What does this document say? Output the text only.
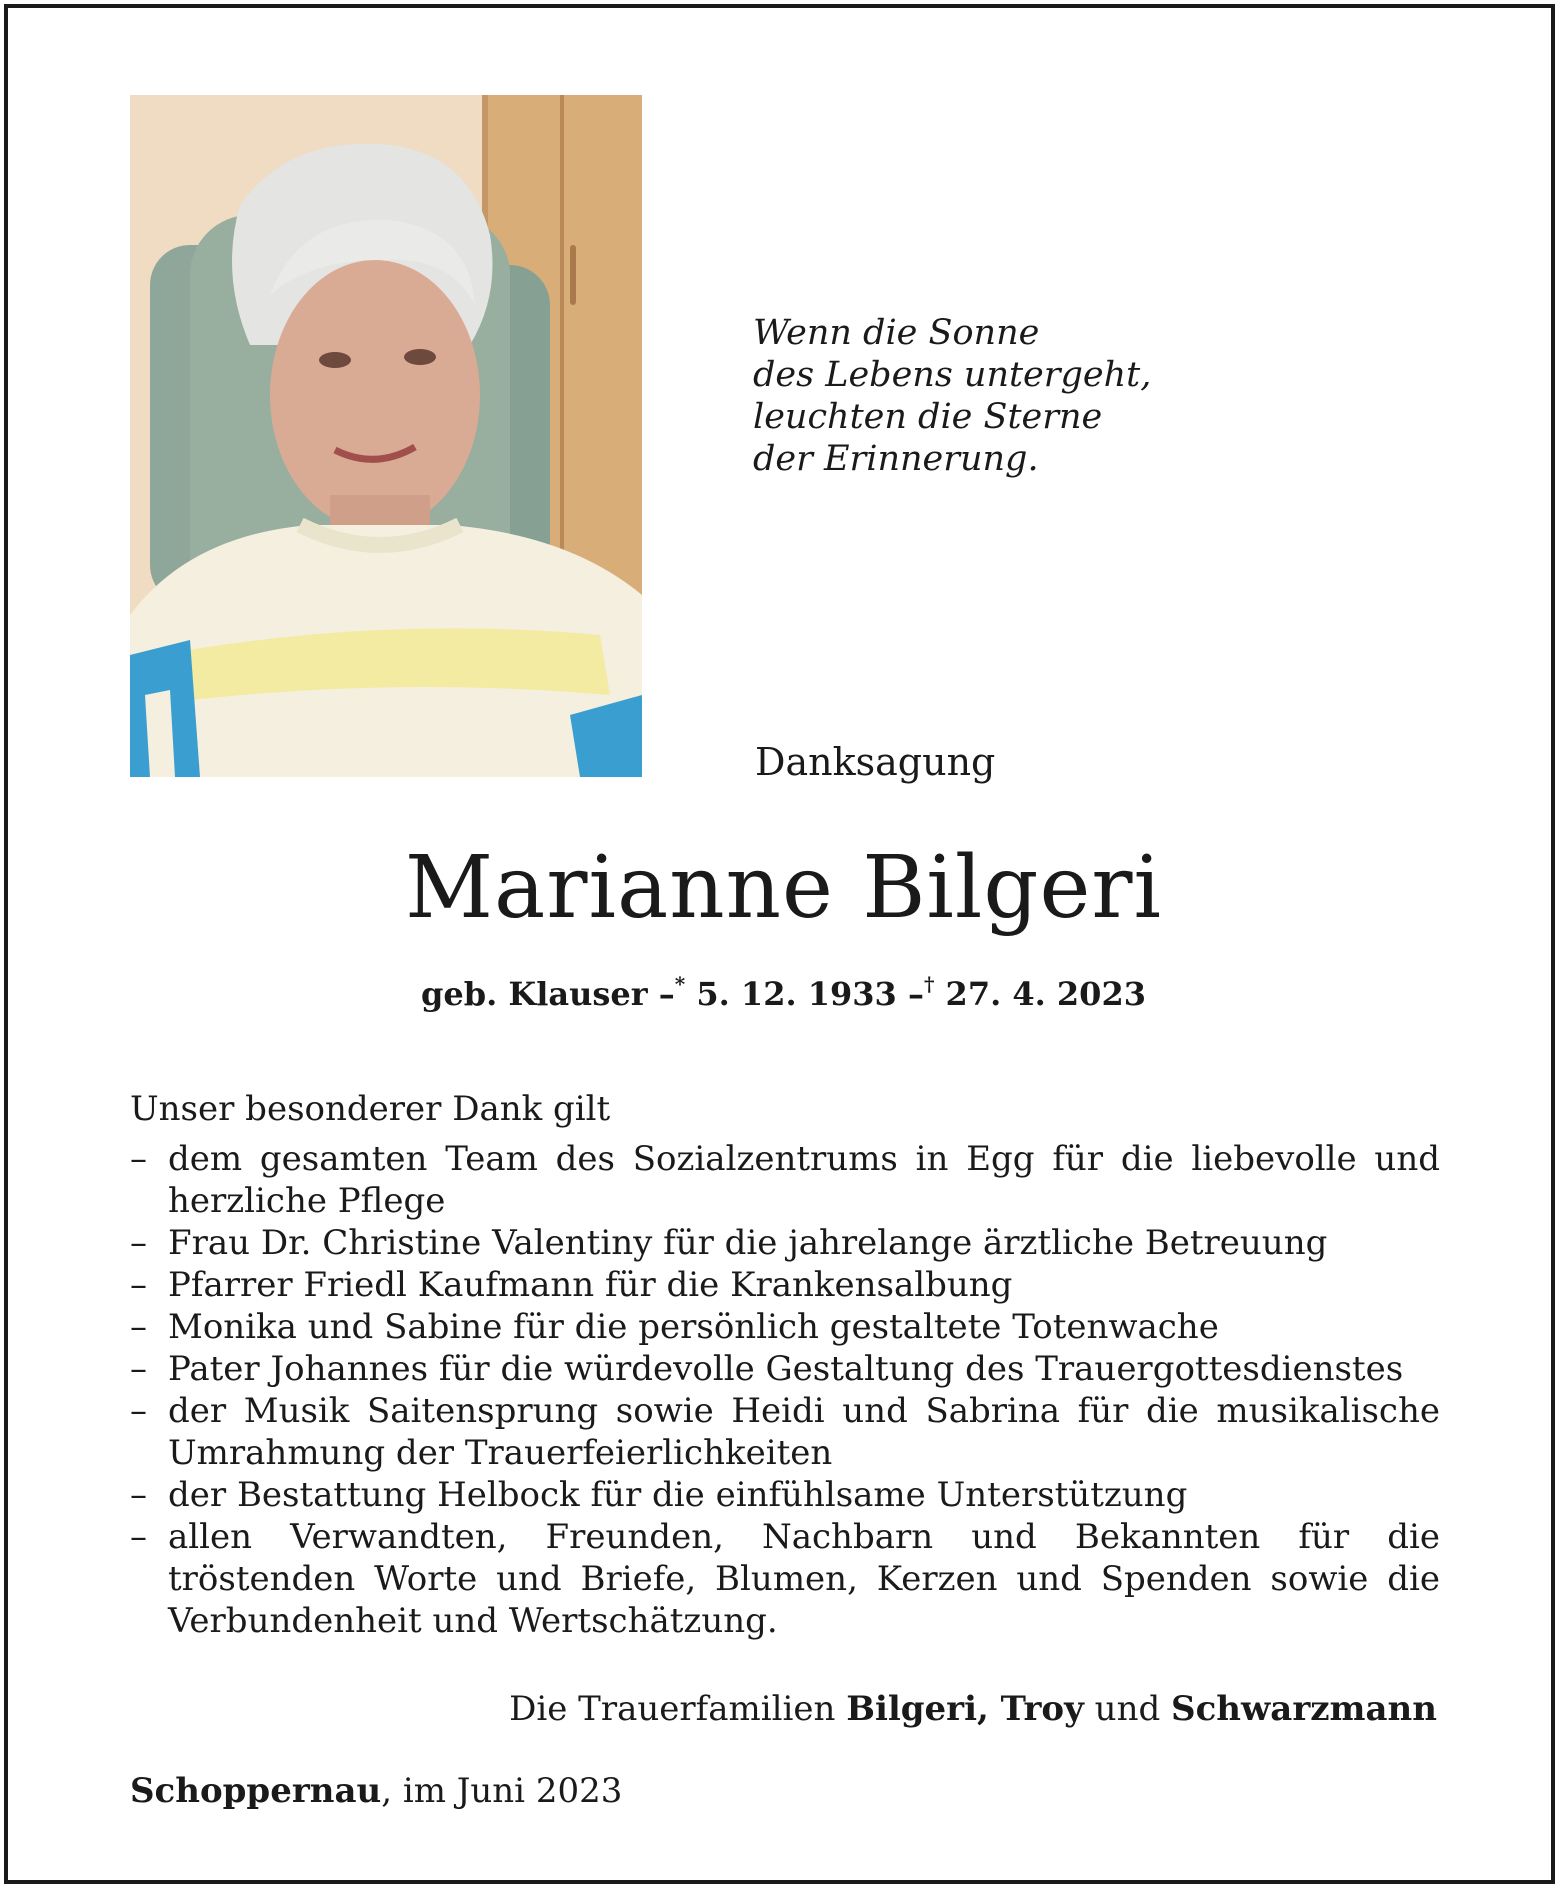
Wenn die Sonne
des Lebens untergeht,
leuchten die Sterne
der Erinnerung.
Danksagung
Marianne Bilgeri
geb. Klauser –* 5. 12. 1933 –† 27. 4. 2023
Unser besonderer Dank gilt
– dem gesamten Team des Sozialzentrums in Egg für die liebevolle und herzliche Pflege
– Frau Dr. Christine Valentiny für die jahrelange ärztliche Betreuung
– Pfarrer Friedl Kaufmann für die Krankensalbung
– Monika und Sabine für die persönlich gestaltete Totenwache
– Pater Johannes für die würdevolle Gestaltung des Trauergottesdienstes
– der Musik Saitensprung sowie Heidi und Sabrina für die musikalische Umrahmung der Trauerfeierlichkeiten
– der Bestattung Helbock für die einfühlsame Unterstützung
– allen Verwandten, Freunden, Nachbarn und Bekannten für die tröstenden Worte und Briefe, Blumen, Kerzen und Spenden sowie die Verbundenheit und Wertschätzung.
Die Trauerfamilien Bilgeri, Troy und Schwarzmann
Schoppernau, im Juni 2023
